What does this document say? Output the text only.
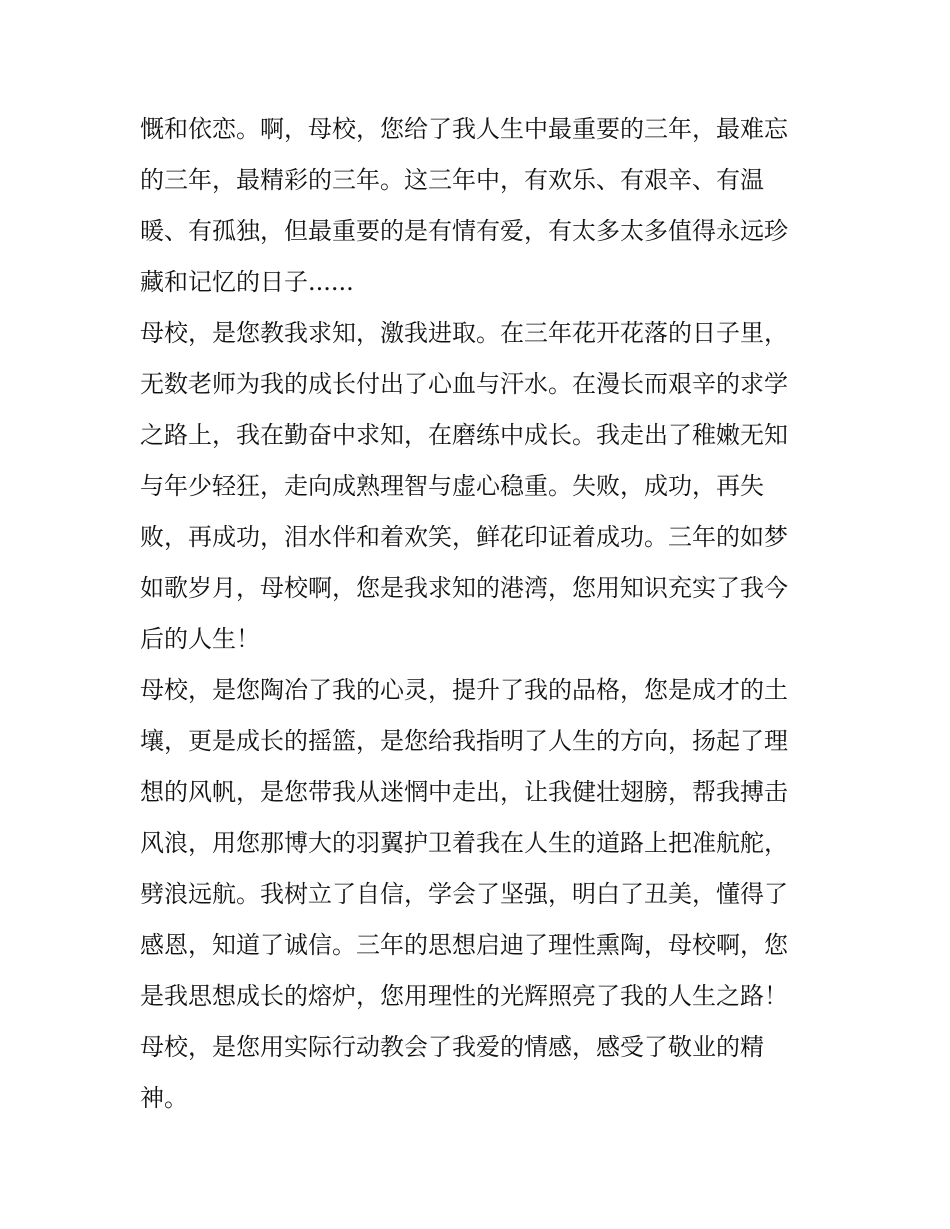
慨和依恋。啊，母校，您给了我人生中最重要的三年，最难忘
的三年，最精彩的三年。这三年中，有欢乐、有艰辛、有温
暖、有孤独，但最重要的是有情有爱，有太多太多值得永远珍
藏和记忆的日子......
母校，是您教我求知，激我进取。在三年花开花落的日子里，
无数老师为我的成长付出了心血与汗水。在漫长而艰辛的求学
之路上，我在勤奋中求知，在磨练中成长。我走出了稚嫩无知
与年少轻狂，走向成熟理智与虚心稳重。失败，成功，再失
败，再成功，泪水伴和着欢笑，鲜花印证着成功。三年的如梦
如歌岁月，母校啊，您是我求知的港湾，您用知识充实了我今
后的人生！
母校，是您陶冶了我的心灵，提升了我的品格，您是成才的土
壤，更是成长的摇篮，是您给我指明了人生的方向，扬起了理
想的风帆，是您带我从迷惘中走出，让我健壮翅膀，帮我搏击
风浪，用您那博大的羽翼护卫着我在人生的道路上把准航舵，
劈浪远航。我树立了自信，学会了坚强，明白了丑美，懂得了
感恩，知道了诚信。三年的思想启迪了理性熏陶，母校啊，您
是我思想成长的熔炉，您用理性的光辉照亮了我的人生之路！
母校，是您用实际行动教会了我爱的情感，感受了敬业的精
神。
